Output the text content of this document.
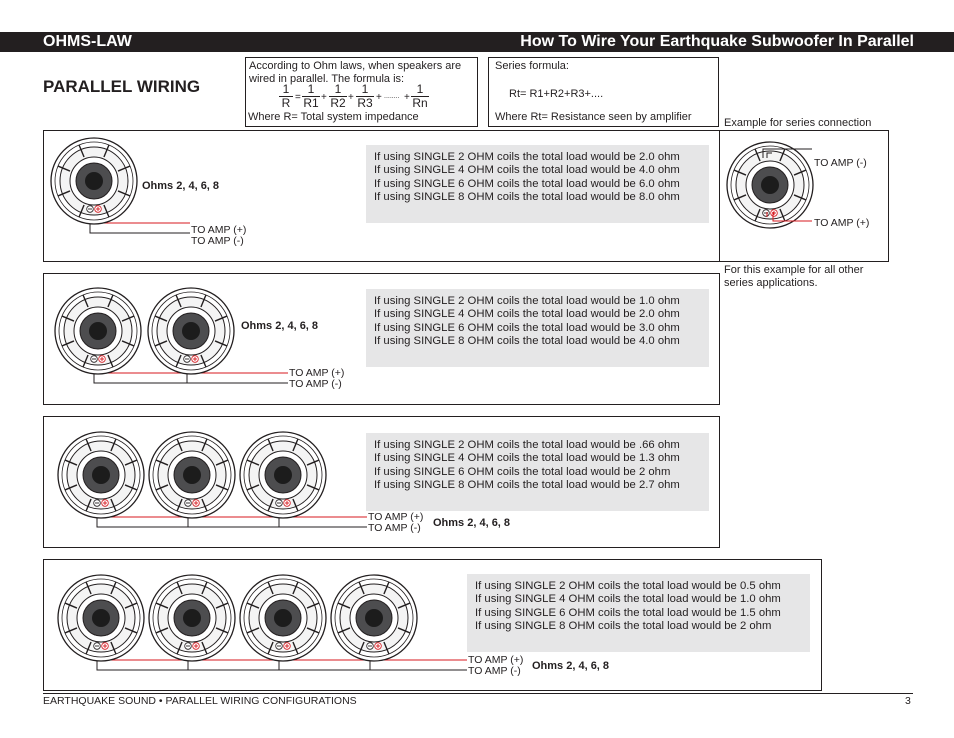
OHMS-LAW	How To Wire Your Earthquake Subwoofer In Parallel
PARALLEL WIRING
According to Ohm laws, when speakers are
wired in parallel. The formula is:
$\frac{1}{R} = \frac{1}{R1} + \frac{1}{R2} + \frac{1}{R3}$ + ........ + $\frac{1}{Rn}$
Where R= Total system impedance
Series formula:
Rt= R1+R2+R3+....
Where Rt= Resistance seen by amplifier	Example for series connection
TO AMP (-)
TO AMP (+)
For this example for all other
series applications.
Ohms 2, 4, 6, 8
TO AMP (+)
TO AMP (-)
If using SINGLE 2 OHM coils the total load would be 2.0 ohm
If using SINGLE 4 OHM coils the total load would be 4.0 ohm
If using SINGLE 6 OHM coils the total load would be 6.0 ohm
If using SINGLE 8 OHM coils the total load would be 8.0 ohm
Ohms 2, 4, 6, 8
TO AMP (+)
TO AMP (-)
If using SINGLE 2 OHM coils the total load would be 1.0 ohm
If using SINGLE 4 OHM coils the total load would be 2.0 ohm
If using SINGLE 6 OHM coils the total load would be 3.0 ohm
If using SINGLE 8 OHM coils the total load would be 4.0 ohm
TO AMP (+)
TO AMP (-) Ohms 2, 4, 6, 8
If using SINGLE 2 OHM coils the total load would be .66 ohm
If using SINGLE 4 OHM coils the total load would be 1.3 ohm
If using SINGLE 6 OHM coils the total load would be 2 ohm
If using SINGLE 8 OHM coils the total load would be 2.7 ohm
TO AMP (+)
TO AMP (-) Ohms 2, 4, 6, 8
If using SINGLE 2 OHM coils the total load would be 0.5 ohm
If using SINGLE 4 OHM coils the total load would be 1.0 ohm
If using SINGLE 6 OHM coils the total load would be 1.5 ohm
If using SINGLE 8 OHM coils the total load would be 2 ohm
EARTHQUAKE SOUND • PARALLEL WIRING CONFIGURATIONS	3
